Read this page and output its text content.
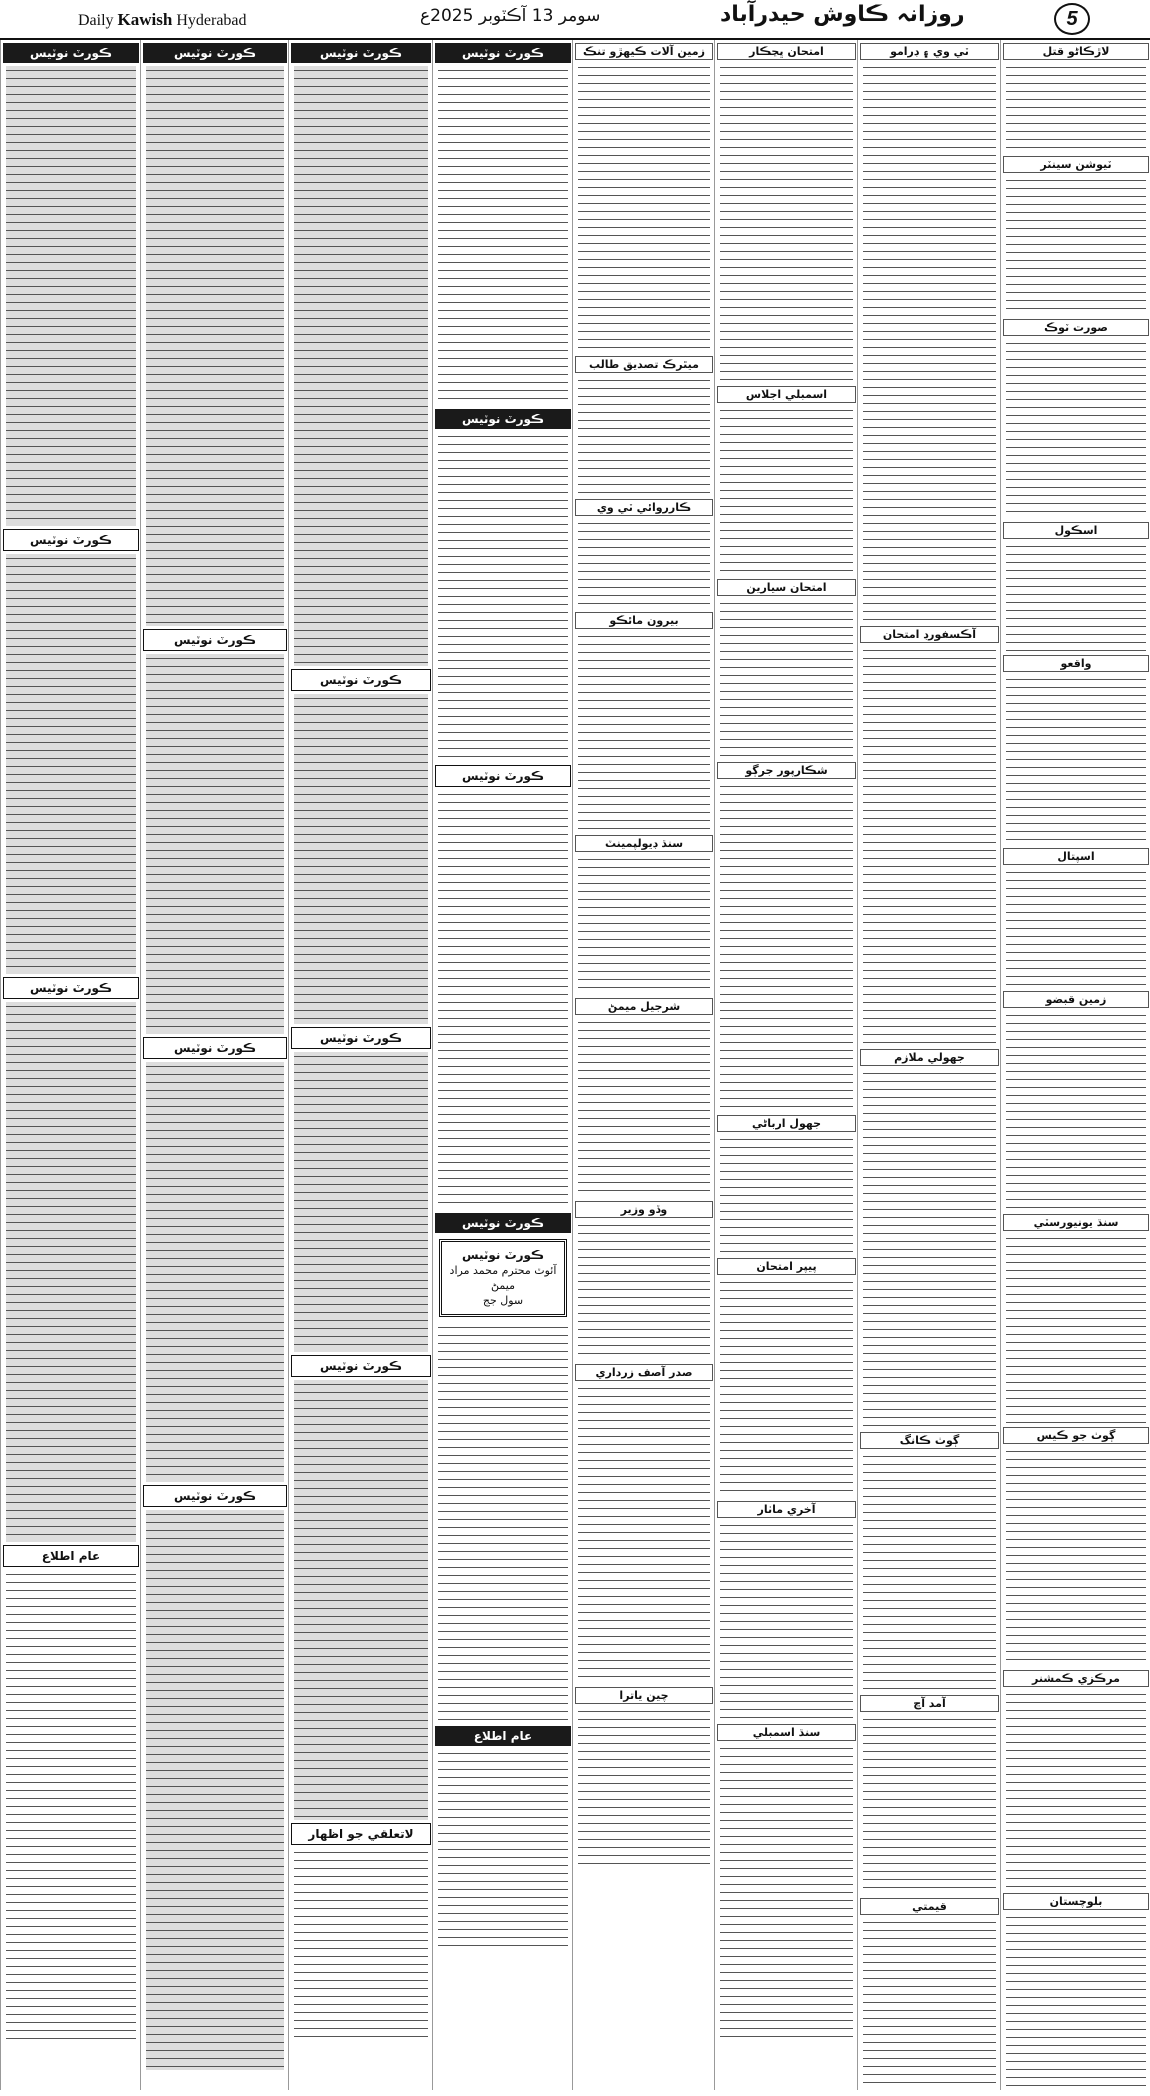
Daily Kawish Hyderabad	سومر 13 آڪٽوبر 2025ع	روزانہ ڪاوش حيدرآباد	5
ڪورٽ نوٽيس
ڪورٽ نوٽيس
ڪورٽ نوٽيس
عام اطلاع
ڪورٽ نوٽيس
ڪورٽ نوٽيس
ڪورٽ نوٽيس
ڪورٽ نوٽيس
ڪورٽ نوٽيس
ڪورٽ نوٽيس
ڪورٽ نوٽيس
ڪورٽ نوٽيس
لاتعلقي جو اظهار
ڪورٽ نوٽيس
ڪورٽ نوٽيس
ڪورٽ نوٽيس
ڪورٽ نوٽيس
ڪورٽ نوٽيس
آئوٽ محترم محمد مراد ميمڻ
سول جج
عام اطلاع
زمين آلات ڪيهڙو تنڪ
ميٿرڪ تصديق طالب
ڪارروائي ٽي وي
بيرون مائڪو
سنڌ ڊيولپمينٽ
شرجيل ميمڻ
وڏو وزير
صدر آصف زرداري
چين ياترا
امتحان ڀڃڪار
اسمبلي اجلاس
امتحان سيارين
شڪارپور جرڳو
جهول ارباڻي
پيپر امتحان
آخري ماٺار
سنڌ اسمبلي
ٽي وي ۽ ڊرامو
آڪسفورڊ امتحان
جهولي ملازم
ڳوٺ ڪانگ
آمد آڇ
قيمتي
لاڙڪاڻو قتل
ٽيوشن سينٽر
صورت ٽوڪ
اسڪول
واقعو
اسپتال
زمين قبضو
سنڌ يونيورسٽي
ڳوٺ جو ڪيس
مرڪزي ڪمشنر
بلوچستان
